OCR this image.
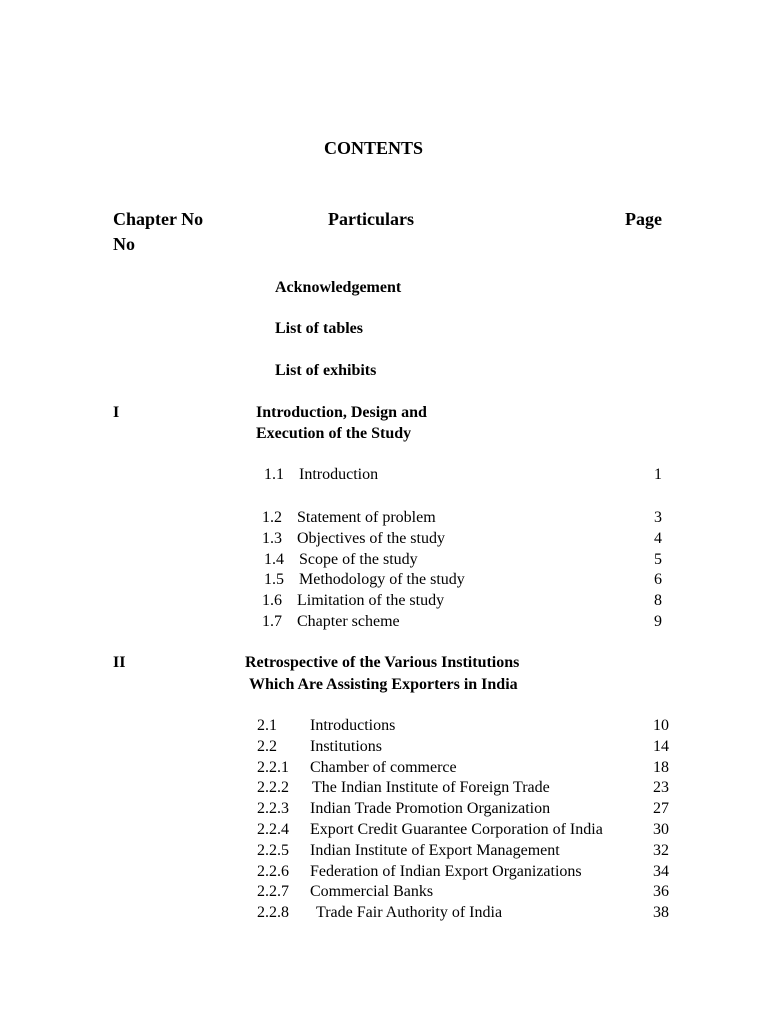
CONTENTS
Chapter No
No
Particulars	Page
Acknowledgement
List of tables
List of exhibits
I	Introduction, Design and
Execution of the Study
1.1 Introduction	1
1.2 Statement of problem	3
1.3 Objectives of the study	4
1.4 Scope of the study	5
1.5 Methodology of the study	6
1.6 Limitation of the study	8
1.7 Chapter scheme	9
II	Retrospective of the Various Institutions
Which Are Assisting Exporters in India
2.1 Introductions	10
2.2 Institutions	14
2.2.1 Chamber of commerce	18
2.2.2 The Indian Institute of Foreign Trade	23
2.2.3 Indian Trade Promotion Organization	27
2.2.4 Export Credit Guarantee Corporation of India	30
2.2.5 Indian Institute of Export Management	32
2.2.6 Federation of Indian Export Organizations	34
2.2.7 Commercial Banks	36
2.2.8 Trade Fair Authority of India	38
